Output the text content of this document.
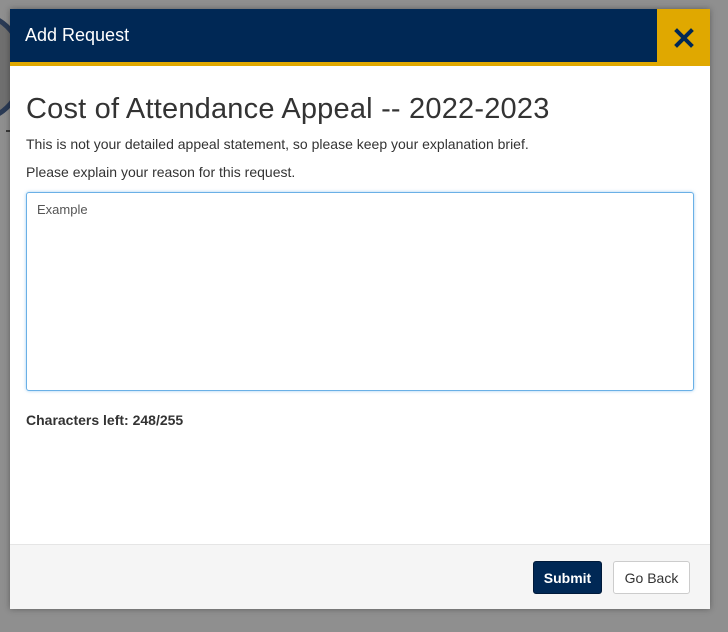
Add Request
Cost of Attendance Appeal -- 2022-2023

This is not your detailed appeal statement, so please keep your explanation brief.

Please explain your reason for this request.

Example
Characters left: 248/255
Submit	Go Back
